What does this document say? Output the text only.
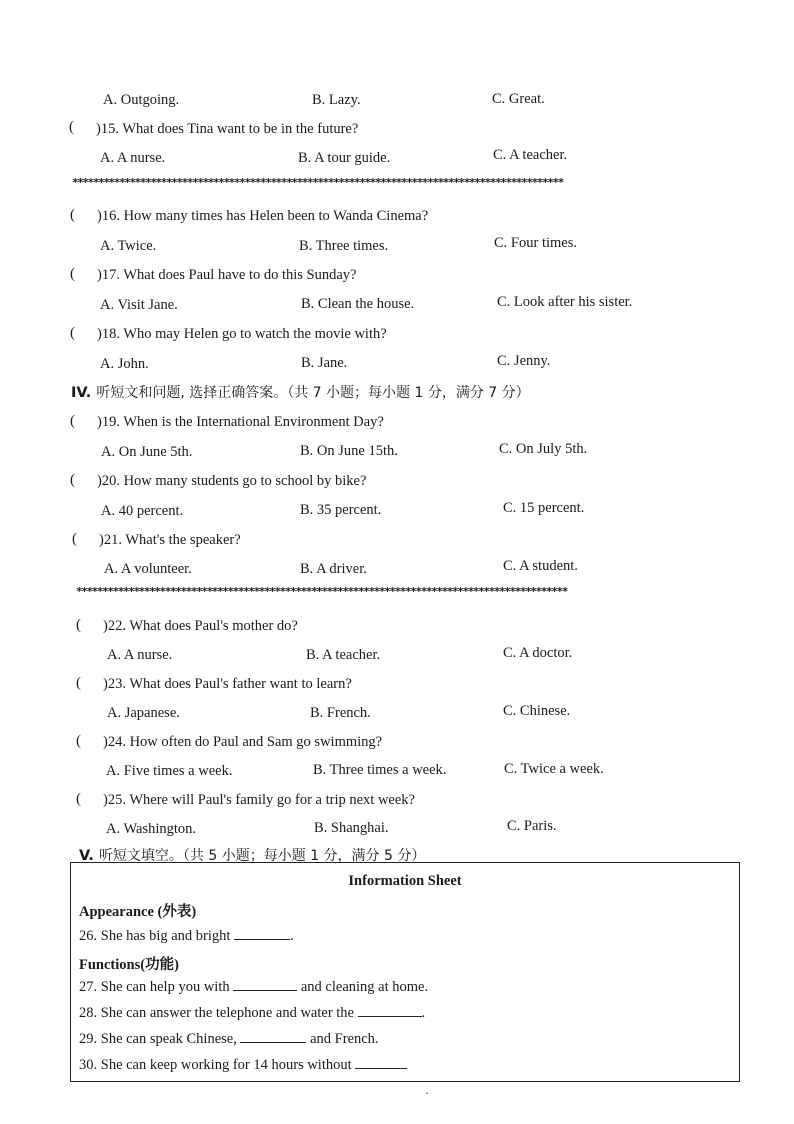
A. Outgoing.	B. Lazy.	C. Great.
( )15. What does Tina want to be in the future?
A. A nurse.	B. A tour guide.	C. A teacher.
**********************************************************************************************
( )16. How many times has Helen been to Wanda Cinema?
A. Twice.	B. Three times.	C. Four times.
( )17. What does Paul have to do this Sunday?
A. Visit Jane.	B. Clean the house.	C. Look after his sister.
( )18. Who may Helen go to watch the movie with?
A. John.	B. Jane.	C. Jenny.
IV. 听短文和问题, 选择正确答案。（共 7 小题；每小题 1 分，满分 7 分）
( )19. When is the International Environment Day?
A. On June 5th.	B. On June 15th.	C. On July 5th.
( )20. How many students go to school by bike?
A. 40 percent.	B. 35 percent.	C. 15 percent.
( )21. What's the speaker?
A. A volunteer.	B. A driver.	C. A student.
**********************************************************************************************
( )22. What does Paul's mother do?
A. A nurse.	B. A teacher.	C. A doctor.
( )23. What does Paul's father want to learn?
A. Japanese.	B. French.	C. Chinese.
( )24. How often do Paul and Sam go swimming?
A. Five times a week.	B. Three times a week.	C. Twice a week.
( )25. Where will Paul's family go for a trip next week?
A. Washington.	B. Shanghai.	C. Paris.
V. 听短文填空。（共 5 小题；每小题 1 分，满分 5 分）
Information Sheet
Appearance (外表)
26. She has big and bright	.
Functions(功能)
27. She can help you with	and cleaning at home.
28. She can answer the telephone and water the	.
29. She can speak Chinese,	and French.
30. She can keep working for 14 hours without
·
